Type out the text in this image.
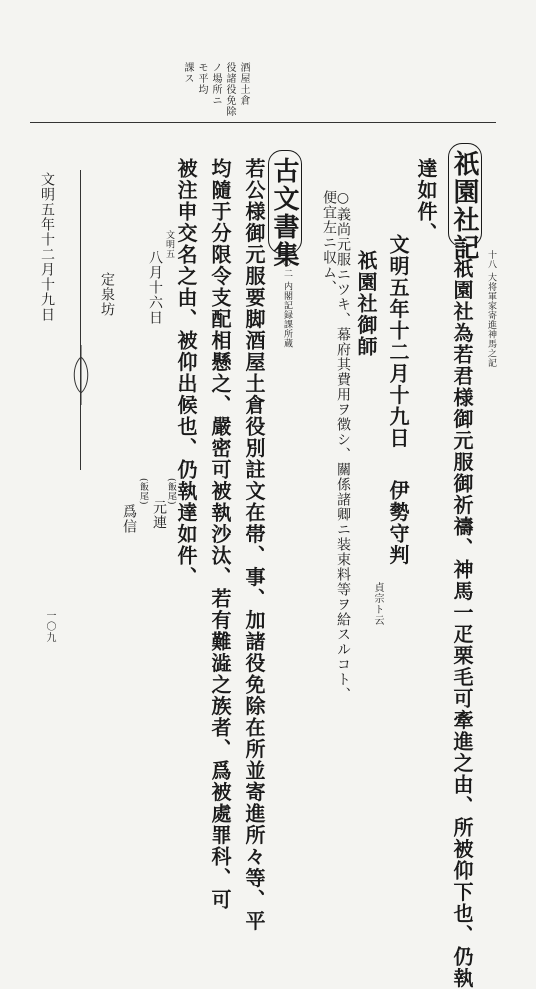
酒屋土倉
役諸役免除
ノ場所ニ
モ平均
課ス
祇園社記
十八 大将軍家寄進神馬之記
祇園社為若君様御元服御祈禱、神馬一疋栗毛可牽進之由、所被仰下也、仍執
達如件、
文明五年十二月十九日
祇園社御師
伊勢守判
貞宗ト云
○義尚元服ニツキ、幕府其費用ヲ徴シ、關係諸卿ニ装束料等ヲ給スルコト、便宜左ニ収ム、
古文書集
○二 内閣記録課所蔵
若公様御元服要脚酒屋土倉役別註文在帯、事、加諸役免除在所並寄進所々等、平
均隨于分限令支配相懸之、嚴密可被執沙汰、若有難澁之族者、爲被處罪科、可
被注申交名之由、被仰出候也、仍執達如件、
文明五
八月十六日
(飯尾)
元連
(飯尾)
爲信
定泉坊
文明五年十二月十九日
一〇九
